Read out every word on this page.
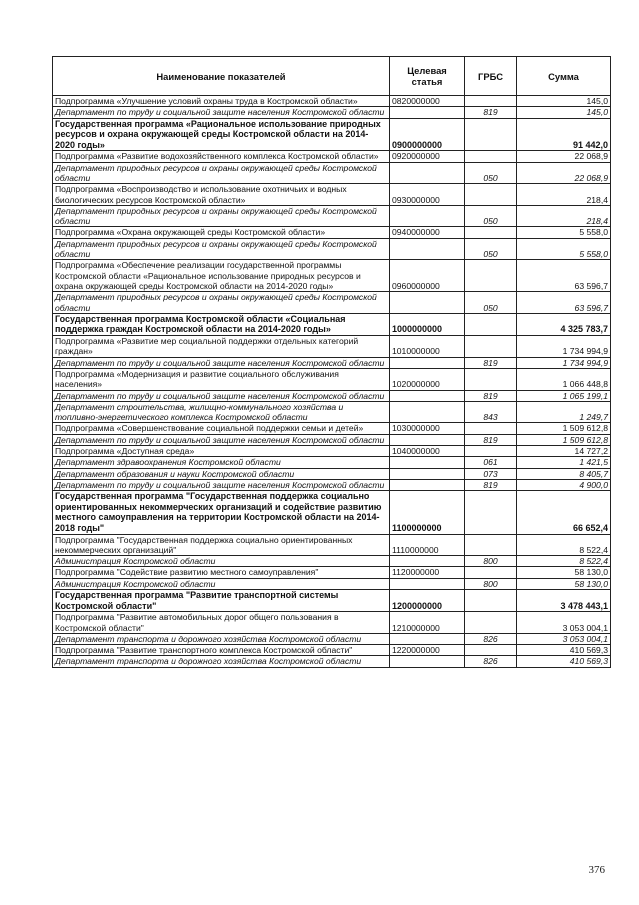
Наименование показателей	Целевая статья	ГРБС	Сумма
Подпрограмма «Улучшение условий охраны труда в Костромской области»	0820000000		145,0
Департамент по труду и социальной защите населения Костромской области		819	145,0
Государственная программа «Рациональное использование природных ресурсов и охрана окружающей среды Костромской области на 2014-2020 годы»	0900000000		91 442,0
Подпрограмма «Развитие водохозяйственного комплекса Костромской области»	0920000000		22 068,9
Департамент природных ресурсов и охраны окружающей среды Костромской области		050	22 068,9
Подпрограмма «Воспроизводство и использование охотничьих и водных биологических ресурсов Костромской области»	0930000000		218,4
Департамент природных ресурсов и охраны окружающей среды Костромской области		050	218,4
Подпрограмма «Охрана окружающей среды Костромской области»	0940000000		5 558,0
Департамент природных ресурсов и охраны окружающей среды Костромской области		050	5 558,0
Подпрограмма «Обеспечение реализации государственной программы Костромской области «Рациональное использование природных ресурсов и охрана окружающей среды Костромской области на 2014-2020 годы»	0960000000		63 596,7
Департамент природных ресурсов и охраны окружающей среды Костромской области		050	63 596,7
Государственная программа Костромской области «Социальная поддержка граждан Костромской области на 2014-2020 годы»	1000000000		4 325 783,7
Подпрограмма «Развитие мер социальной поддержки отдельных категорий граждан»	1010000000		1 734 994,9
Департамент по труду и социальной защите населения Костромской области		819	1 734 994,9
Подпрограмма «Модернизация и развитие социального обслуживания населения»	1020000000		1 066 448,8
Департамент по труду и социальной защите населения Костромской области		819	1 065 199,1
Департамент строительства, жилищно-коммунального хозяйства и топливно-энергетического комплекса Костромской области		843	1 249,7
Подпрограмма «Совершенствование социальной поддержки семьи и детей»	1030000000		1 509 612,8
Департамент по труду и социальной защите населения Костромской области		819	1 509 612,8
Подпрограмма «Доступная среда»	1040000000		14 727,2
Департамент здравоохранения Костромской области		061	1 421,5
Департамент образования и науки Костромской области		073	8 405,7
Департамент по труду и социальной защите населения Костромской области		819	4 900,0
Государственная программа "Государственная поддержка социально ориентированных некоммерческих организаций и содействие развитию местного самоуправления на территории Костромской области на 2014-2018 годы"	1100000000		66 652,4
Подпрограмма "Государственная поддержка социально ориентированных некоммерческих организаций"	1110000000		8 522,4
Администрация Костромской области		800	8 522,4
Подпрограмма "Содействие развитию местного самоуправления"	1120000000		58 130,0
Администрация Костромской области		800	58 130,0
Государственная программа "Развитие транспортной системы Костромской области"	1200000000		3 478 443,1
Подпрограмма "Развитие автомобильных дорог общего пользования в Костромской области"	1210000000		3 053 004,1
Департамент транспорта и дорожного хозяйства Костромской области		826	3 053 004,1
Подпрограмма "Развитие транспортного комплекса Костромской области"	1220000000		410 569,3
Департамент транспорта и дорожного хозяйства Костромской области		826	410 569,3
376
